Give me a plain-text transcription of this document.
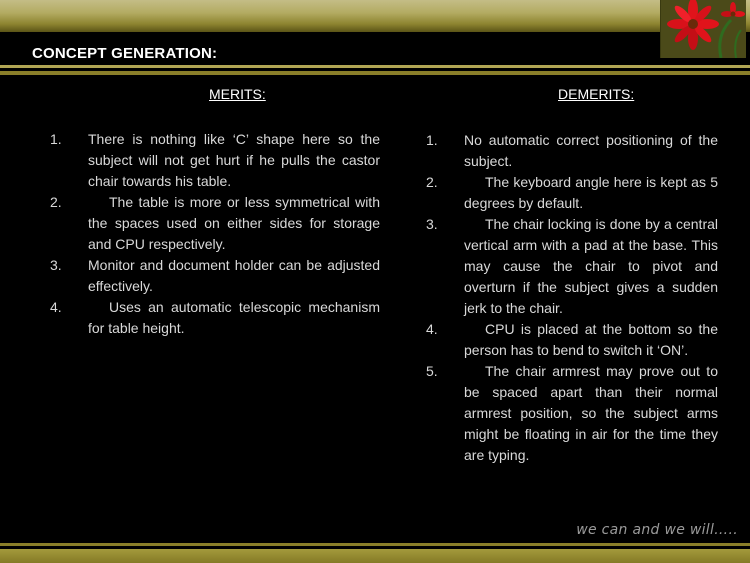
CONCEPT GENERATION:
MERITS:
1.	There is nothing like ‘C’ shape here so the subject will not get hurt if he pulls the castor chair towards his table.
2.	The table is more or less symmetrical with the spaces used on either sides for storage and CPU respectively.
3.	Monitor and document holder can be adjusted effectively.
4.	Uses an automatic telescopic mechanism for table height.
DEMERITS:
1.	No automatic correct positioning of the subject.
2.	The keyboard angle here is kept as 5 degrees by default.
3.	The chair locking is done by a central vertical arm with a pad at the base. This may cause the chair to pivot and overturn if the subject gives a sudden jerk to the chair.
4.	CPU is placed at the bottom so the person has to bend to switch it ‘ON’.
5.	The chair armrest may prove out to be spaced apart than their normal armrest position, so the subject arms might be floating in air for the time they are typing.
we can and we will…..
